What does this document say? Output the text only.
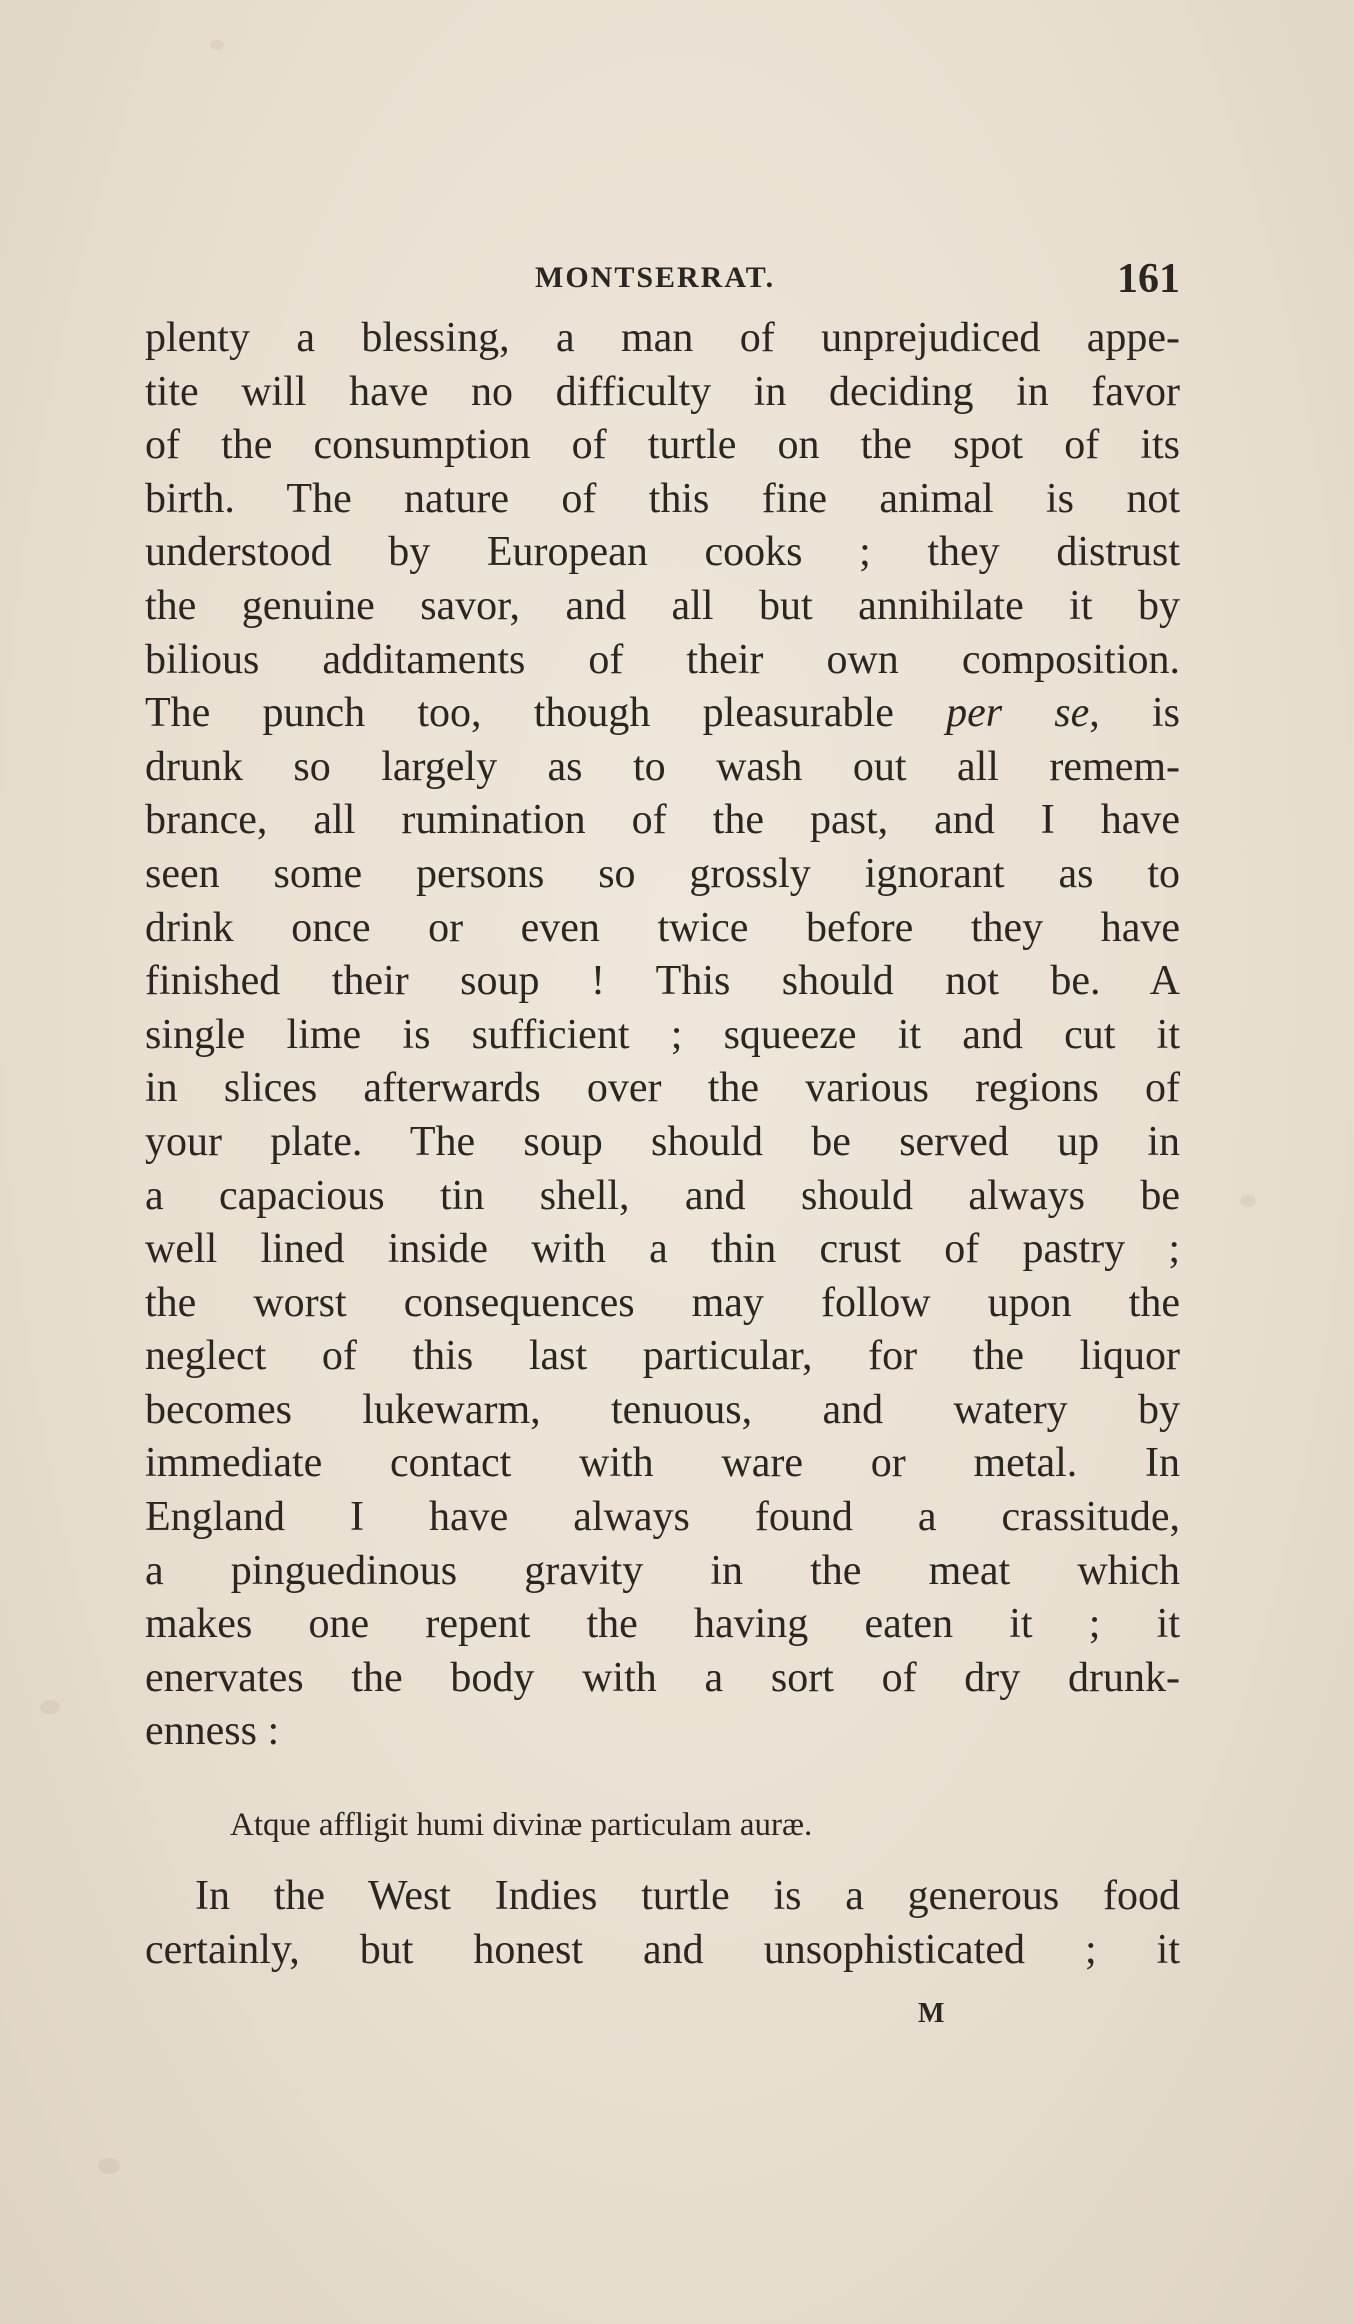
MONTSERRAT.	161
plenty a blessing, a man of unprejudiced appe-
tite will have no difficulty in deciding in favor
of the consumption of turtle on the spot of its
birth. The nature of this fine animal is not
understood by European cooks ; they distrust
the genuine savor, and all but annihilate it by
bilious additaments of their own composition.
The punch too, though pleasurable per se, is
drunk so largely as to wash out all remem-
brance, all rumination of the past, and I have
seen some persons so grossly ignorant as to
drink once or even twice before they have
finished their soup ! This should not be. A
single lime is sufficient ; squeeze it and cut it
in slices afterwards over the various regions of
your plate. The soup should be served up in
a capacious tin shell, and should always be
well lined inside with a thin crust of pastry ;
the worst consequences may follow upon the
neglect of this last particular, for the liquor
becomes lukewarm, tenuous, and watery by
immediate contact with ware or metal. In
England I have always found a crassitude,
a pinguedinous gravity in the meat which
makes one repent the having eaten it ; it
enervates the body with a sort of dry drunk-
enness :
Atque affligit humi divinæ particulam auræ.
In the West Indies turtle is a generous food
certainly, but honest and unsophisticated ; it
M
